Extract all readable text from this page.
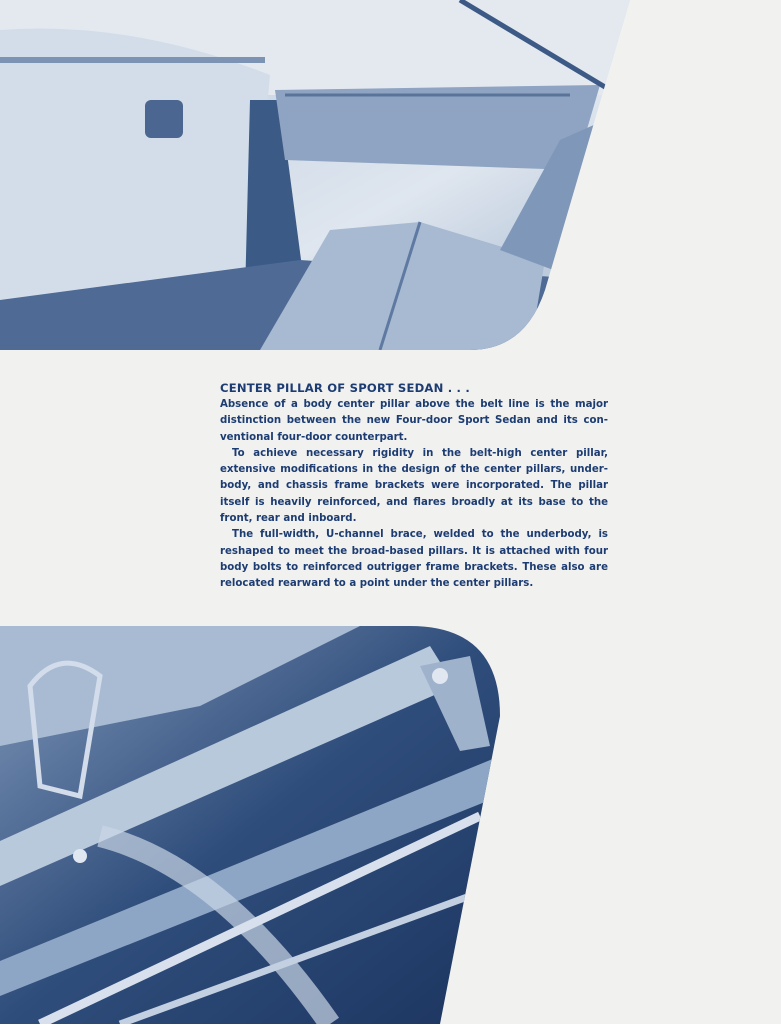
CENTER PILLAR OF SPORT SEDAN . . .
Absence of a body center pillar above the belt line is the major
distinction between the new Four-door Sport Sedan and its con-
ventional four-door counterpart.
To achieve necessary rigidity in the belt-high center pillar,
extensive modifications in the design of the center pillars, under-
body, and chassis frame brackets were incorporated. The pillar
itself is heavily reinforced, and flares broadly at its base to the
front, rear and inboard.
The full-width, U-channel brace, welded to the underbody, is
reshaped to meet the broad-based pillars. It is attached with four
body bolts to reinforced outrigger frame brackets. These also are
relocated rearward to a point under the center pillars.
